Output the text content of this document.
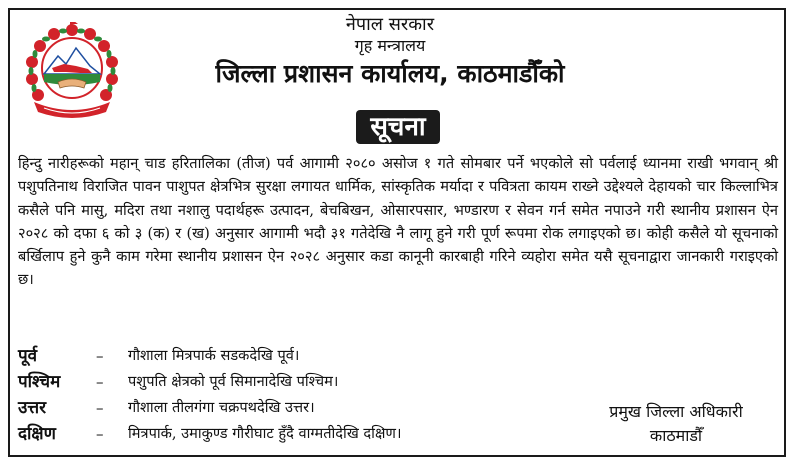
नेपाल सरकार
गृह मन्त्रालय
जिल्ला प्रशासन कार्यालय, काठमाडौँको
सूचना
हिन्दु नारीहरूको महान् चाड हरितालिका (तीज) पर्व आगामी २०८० असोज १ गते सोमबार पर्ने भएकोले सो पर्वलाई ध्यानमा राखी भगवान् श्री पशुपतिनाथ विराजित पावन पाशुपत क्षेत्रभित्र सुरक्षा लगायत धार्मिक, सांस्कृतिक मर्यादा र पवित्रता कायम राख्ने उद्देश्यले देहायको चार किल्लाभित्र कसैले पनि मासु, मदिरा तथा नशालु पदार्थहरू उत्पादन, बेचबिखन, ओसारपसार, भण्डारण र सेवन गर्न समेत नपाउने गरी स्थानीय प्रशासन ऐन २०२८ को दफा ६ को ३ (क) र (ख) अनुसार आगामी भदौ ३१ गतेदेखि नै लागू हुने गरी पूर्ण रूपमा रोक लगाइएको छ। कोही कसैले यो सूचनाको बर्खिलाप हुने कुनै काम गरेमा स्थानीय प्रशासन ऐन २०२८ अनुसार कडा कानूनी कारबाही गरिने व्यहोरा समेत यसै सूचनाद्वारा जानकारी गराइएको छ।
पूर्व	– गौशाला मित्रपार्क सडकदेखि पूर्व।
पश्चिम – पशुपति क्षेत्रको पूर्व सिमानादेखि पश्चिम।
उत्तर	– गौशाला तीलगंगा चक्रपथदेखि उत्तर।
दक्षिण	– मित्रपार्क, उमाकुण्ड गौरीघाट हुँदै वाग्मतीदेखि दक्षिण।
प्रमुख जिल्ला अधिकारी
काठमाडौँ
